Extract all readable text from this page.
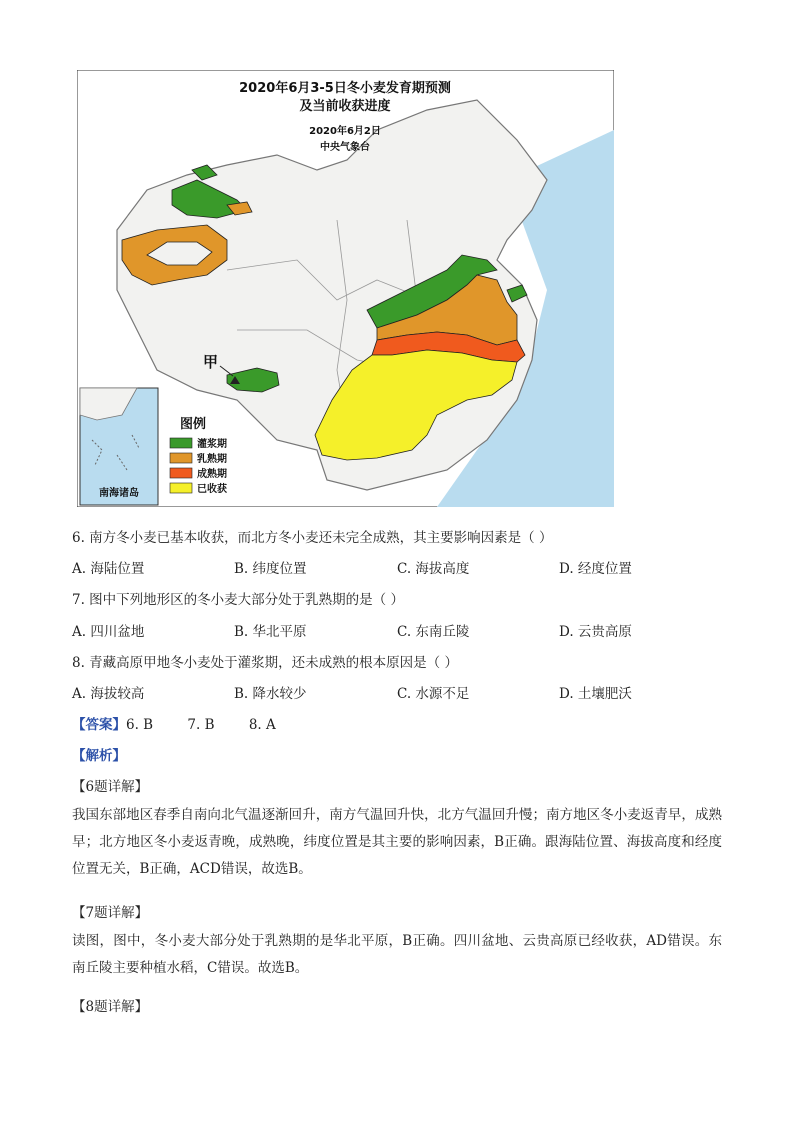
甲
2020年6月3-5日冬小麦发育期预测
及当前收获进度
2020年6月2日
中央气象台
南海诸岛
图例
灌浆期
乳熟期
成熟期
已收获
6. 南方冬小麦已基本收获，而北方冬小麦还未完全成熟，其主要影响因素是（ ）
A. 海陆位置	B. 纬度位置	C. 海拔高度	D. 经度位置
7. 图中下列地形区的冬小麦大部分处于乳熟期的是（ ）
A. 四川盆地	B. 华北平原	C. 东南丘陵	D. 云贵高原
8. 青藏高原甲地冬小麦处于灌浆期，还未成熟的根本原因是（ ）
A. 海拔较高	B. 降水较少	C. 水源不足	D. 土壤肥沃
【答案】6. B        7. B        8. A
【解析】
【6题详解】
我国东部地区春季自南向北气温逐渐回升，南方气温回升快，北方气温回升慢；南方地区冬小麦返青早，成熟早；北方地区冬小麦返青晚，成熟晚，纬度位置是其主要的影响因素，B正确。跟海陆位置、海拔高度和经度位置无关，B正确，ACD错误，故选B。
【7题详解】
读图，图中，冬小麦大部分处于乳熟期的是华北平原，B正确。四川盆地、云贵高原已经收获，AD错误。东南丘陵主要种植水稻，C错误。故选B。
【8题详解】
